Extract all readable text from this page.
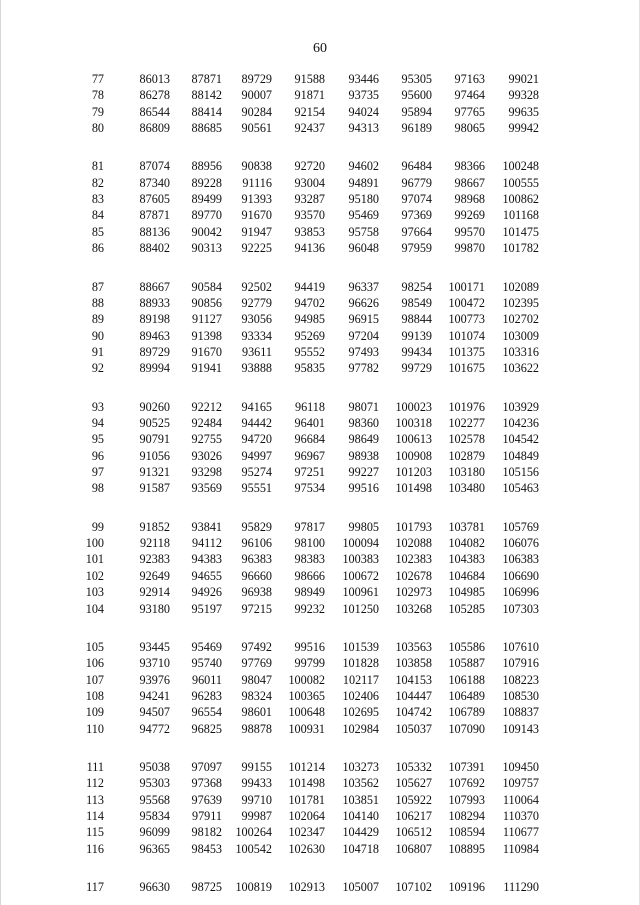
60
77	86013 87871 89729 91588 93446 95305 97163 99021
78	86278 88142 90007 91871 93735 95600 97464 99328
79	86544 88414 90284 92154 94024 95894 97765 99635
80	86809 88685 90561 92437 94313 96189 98065 99942
81	87074 88956 90838 92720 94602 96484 98366 100248
82	87340 89228 91116 93004 94891 96779 98667 100555
83	87605 89499 91393 93287 95180 97074 98968 100862
84	87871 89770 91670 93570 95469 97369 99269 101168
85	88136 90042 91947 93853 95758 97664 99570 101475
86	88402 90313 92225 94136 96048 97959 99870 101782
87	88667 90584 92502 94419 96337 98254 100171 102089
88	88933 90856 92779 94702 96626 98549 100472 102395
89	89198 91127 93056 94985 96915 98844 100773 102702
90	89463 91398 93334 95269 97204 99139 101074 103009
91	89729 91670 93611 95552 97493 99434 101375 103316
92	89994 91941 93888 95835 97782 99729 101675 103622
93	90260 92212 94165 96118 98071 100023 101976 103929
94	90525 92484 94442 96401 98360 100318 102277 104236
95	90791 92755 94720 96684 98649 100613 102578 104542
96	91056 93026 94997 96967 98938 100908 102879 104849
97	91321 93298 95274 97251 99227 101203 103180 105156
98	91587 93569 95551 97534 99516 101498 103480 105463
99	91852 93841 95829 97817 99805 101793 103781 105769
100	92118 94112 96106 98100 100094 102088 104082 106076
101	92383 94383 96383 98383 100383 102383 104383 106383
102	92649 94655 96660 98666 100672 102678 104684 106690
103	92914 94926 96938 98949 100961 102973 104985 106996
104	93180 95197 97215 99232 101250 103268 105285 107303
105	93445 95469 97492 99516 101539 103563 105586 107610
106	93710 95740 97769 99799 101828 103858 105887 107916
107	93976 96011 98047 100082 102117 104153 106188 108223
108	94241 96283 98324 100365 102406 104447 106489 108530
109	94507 96554 98601 100648 102695 104742 106789 108837
110	94772 96825 98878 100931 102984 105037 107090 109143
111	95038 97097 99155 101214 103273 105332 107391 109450
112	95303 97368 99433 101498 103562 105627 107692 109757
113	95568 97639 99710 101781 103851 105922 107993 110064
114	95834 97911 99987 102064 104140 106217 108294 110370
115	96099 98182 100264 102347 104429 106512 108594 110677
116	96365 98453 100542 102630 104718 106807 108895 110984
117	96630 98725 100819 102913 105007 107102 109196 111290
